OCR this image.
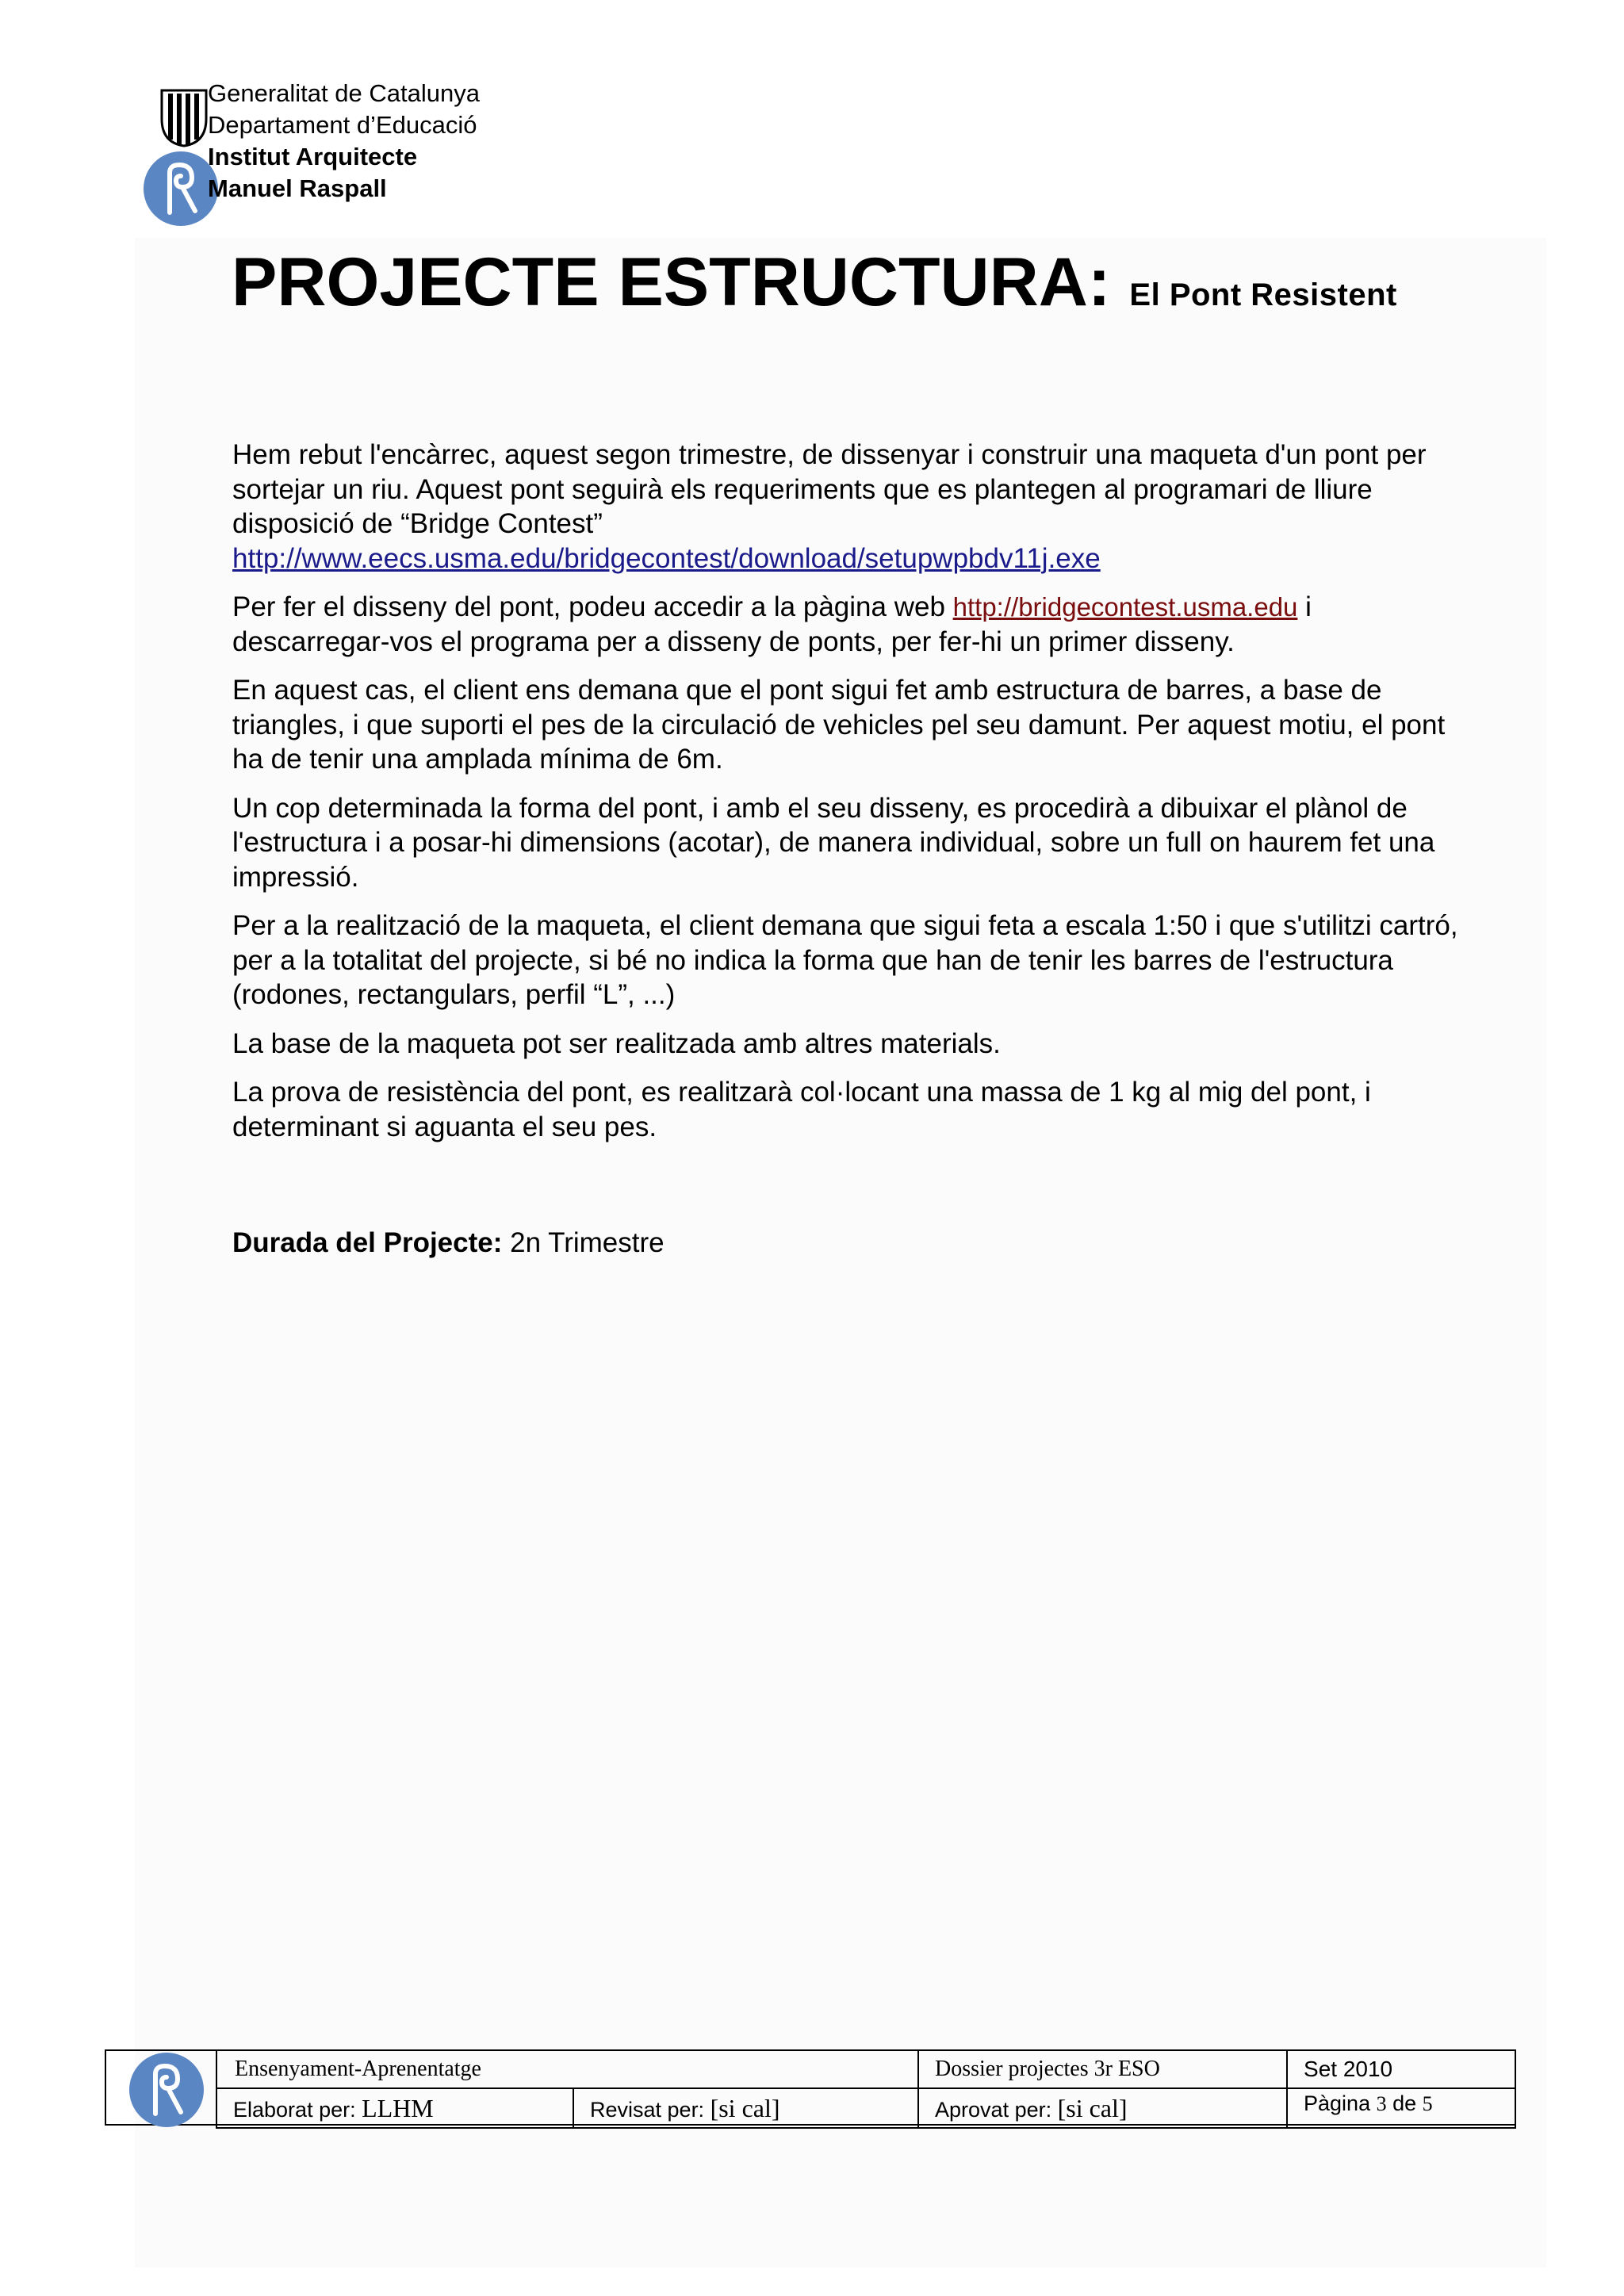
Generalitat de Catalunya
Departament d’Educació
Institut Arquitecte
Manuel Raspall
PROJECTE ESTRUCTURA: El Pont Resistent

Hem rebut l'encàrrec, aquest segon trimestre, de dissenyar i construir una maqueta d'un pont per sortejar un riu. Aquest pont seguirà els requeriments que es plantegen al programari de lliure disposició de “Bridge Contest”
http://www.eecs.usma.edu/bridgecontest/download/setupwpbdv11j.exe

Per fer el disseny del pont, podeu accedir a la pàgina web http://bridgecontest.usma.edu i descarregar-vos el programa per a disseny de ponts, per fer-hi un primer disseny.

En aquest cas, el client ens demana que el pont sigui fet amb estructura de barres, a base de triangles, i que suporti el pes de la circulació de vehicles pel seu damunt. Per aquest motiu, el pont ha de tenir una amplada mínima de 6m.

Un cop determinada la forma del pont, i amb el seu disseny, es procedirà a dibuixar el plànol de l'estructura i a posar-hi dimensions (acotar), de manera individual, sobre un full on haurem fet una impressió.

Per a la realització de la maqueta, el client demana que sigui feta a escala 1:50 i que s'utilitzi cartró, per a la totalitat del projecte, si bé no indica la forma que han de tenir les barres de l'estructura (rodones, rectangulars, perfil “L”, ...)

La base de la maqueta pot ser realitzada amb altres materials.

La prova de resistència del pont, es realitzarà col·locant una massa de 1 kg al mig del pont, i determinant si aguanta el seu pes.

Durada del Projecte: 2n Trimestre
Ensenyament-Aprenentatge		Dossier projectes 3r ESO	Set 2010
Elaborat per: LLHM	Revisat per: [si cal]	Aprovat per: [si cal]	Pàgina 3 de 5
